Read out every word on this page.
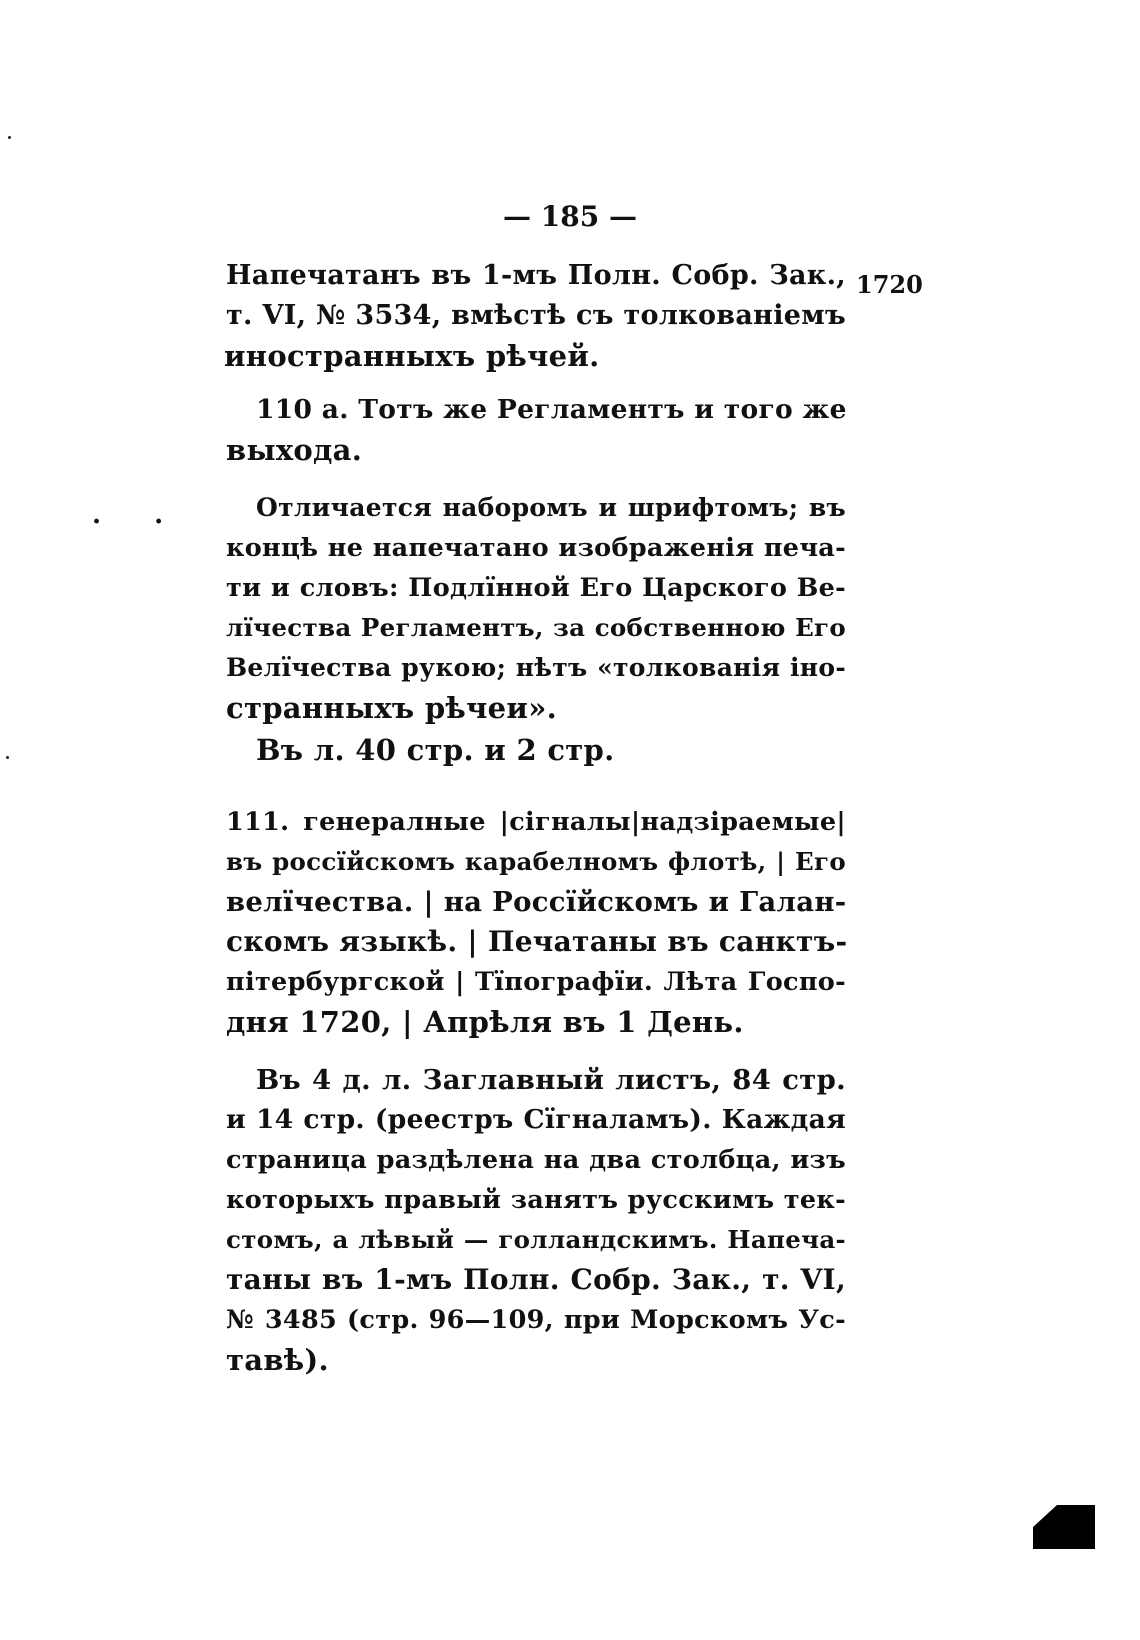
— 185 —
1720
. .
Напечатанъ въ 1-мъ Полн. Собр. Зак.,
т. VI, № 3534, вмѣстѣ съ толкованіемъ
иностранныхъ рѣчей.
110 а. Тотъ же Регламентъ и того же
выхода.
Отличается наборомъ и шрифтомъ; въ
концѣ не напечатано изображенія печа-
ти и словъ: Подлїнной Его Царского Ве-
лїчества Регламентъ, за собственною Его
Велїчества рукою; нѣтъ «толкованія іно-
странныхъ рѣчеи».
Въ л. 40 стр. и 2 стр.
111. генералные |сігналы|надзіраемые|
въ россїйскомъ карабелномъ флотѣ, | Его
велїчества. | на Россїйскомъ и Галан-
скомъ языкѣ. | Печатаны въ санктъ-
пітербургской | Тїпографїи. Лѣта Госпо-
дня 1720, | Апрѣля въ 1 День.
Въ 4 д. л. Заглавный листъ, 84 стр.
и 14 стр. (реестръ Сїгналамъ). Каждая
страница раздѣлена на два столбца, изъ
которыхъ правый занятъ русскимъ тек-
стомъ, а лѣвый — голландскимъ. Напеча-
таны въ 1-мъ Полн. Собр. Зак., т. VI,
№ 3485 (стр. 96—109, при Морскомъ Ус-
тавѣ).
